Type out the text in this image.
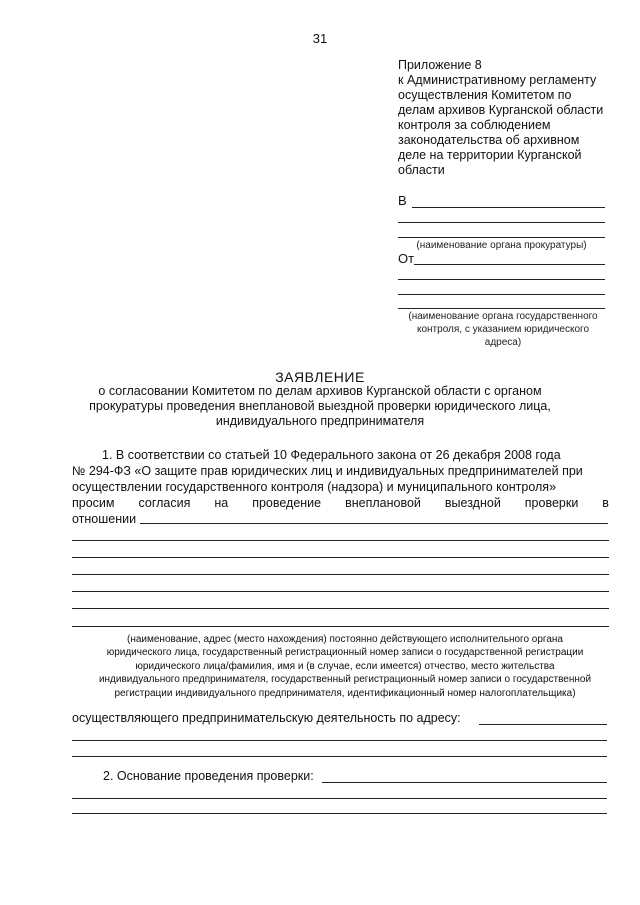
31
Приложение 8
к Административному регламенту
осуществления Комитетом по
делам архивов Курганской области
контроля за соблюдением
законодательства об архивном
деле на территории Курганской
области
В
(наименование органа прокуратуры)
От
(наименование органа государственного
контроля, с указанием юридического
адреса)
ЗАЯВЛЕНИЕ
о согласовании Комитетом по делам архивов Курганской области с органом
прокуратуры проведения внеплановой выездной проверки юридического лица,
индивидуального предпринимателя
1. В соответствии со статьей 10 Федерального закона от 26 декабря 2008 года
№ 294-ФЗ «О защите прав юридических лиц и индивидуальных предпринимателей при
осуществлении государственного контроля (надзора) и муниципального контроля»
просим согласия на проведение внеплановой выездной проверки в
отношении
(наименование, адрес (место нахождения) постоянно действующего исполнительного органа
юридического лица, государственный регистрационный номер записи о государственной регистрации
юридического лица/фамилия, имя и (в случае, если имеется) отчество, место жительства
индивидуального предпринимателя, государственный регистрационный номер записи о государственной
регистрации индивидуального предпринимателя, идентификационный номер налогоплательщика)
осуществляющего предпринимательскую деятельность по адресу:
2. Основание проведения проверки:
